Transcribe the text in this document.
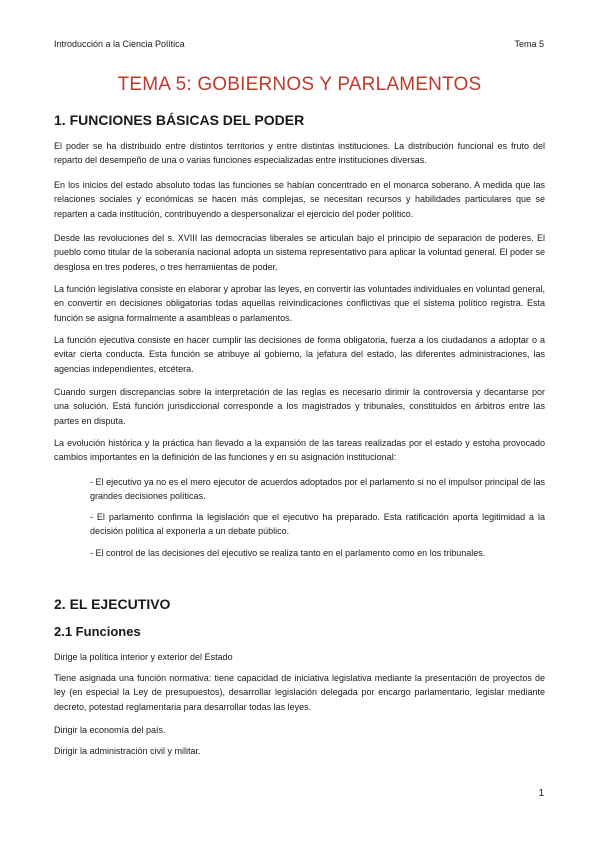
Introducción a la Ciencia Política	Tema 5
TEMA 5: GOBIERNOS Y PARLAMENTOS
1. FUNCIONES BÁSICAS DEL PODER

El poder se ha distribuido entre distintos territorios y entre distintas instituciones. La distribución funcional es fruto del reparto del desempeño de una o varias funciones especializadas entre instituciones diversas.

En los inicios del estado absoluto todas las funciones se habían concentrado en el monarca soberano. A medida que las relaciones sociales y económicas se hacen más complejas, se necesitan recursos y habilidades particulares que se reparten a cada institución, contribuyendo a despersonalizar el ejercicio del poder político.

Desde las revoluciones del s. XVIII las democracias liberales se articulan bajo el principio de separación de poderes. El pueblo como titular de la soberanía nacional adopta un sistema representativo para aplicar la voluntad general. El poder se desglosa en tres poderes, o tres herramientas de poder.

La función legislativa consiste en elaborar y aprobar las leyes, en convertir las voluntades individuales en voluntad general, en convertir en decisiones obligatorias todas aquellas reivindicaciones conflictivas que el sistema político registra. Esta función se asigna formalmente a asambleas o parlamentos.

La función ejecutiva consiste en hacer cumplir las decisiones de forma obligatoria, fuerza a los ciudadanos a adoptar o a evitar cierta conducta. Esta función se atribuye al gobierno, la jefatura del estado, las diferentes administraciones, las agencias independientes, etcétera.

Cuando surgen discrepancias sobre la interpretación de las reglas es necesario dirimir la controversia y decantarse por una solución. Está función jurisdiccional corresponde a los magistrados y tribunales, constituidos en árbitros entre las partes en disputa.

La evolución histórica y la práctica han llevado a la expansión de las tareas realizadas por el estado y estoha provocado cambios importantes en la definición de las funciones y en su asignación institucional:

- El ejecutivo ya no es el mero ejecutor de acuerdos adoptados por el parlamento si no el impulsor principal de las grandes decisiones políticas.

- El parlamento confirma la legislación que el ejecutivo ha preparado. Esta ratificación aporta legitimidad a la decisión política al exponerla a un debate público.

- El control de las decisiones del ejecutivo se realiza tanto en el parlamento como en los tribunales.

2. EL EJECUTIVO
2.1 Funciones

Dirige la política interior y exterior del Estado

Tiene asignada una función normativa: tiene capacidad de iniciativa legislativa mediante la presentación de proyectos de ley (en especial la Ley de presupuestos), desarrollar legislación delegada por encargo parlamentario, legislar mediante decreto, potestad reglamentaria para desarrollar todas las leyes.

Dirigir la economía del país.

Dirigir la administración civil y militar.

1
